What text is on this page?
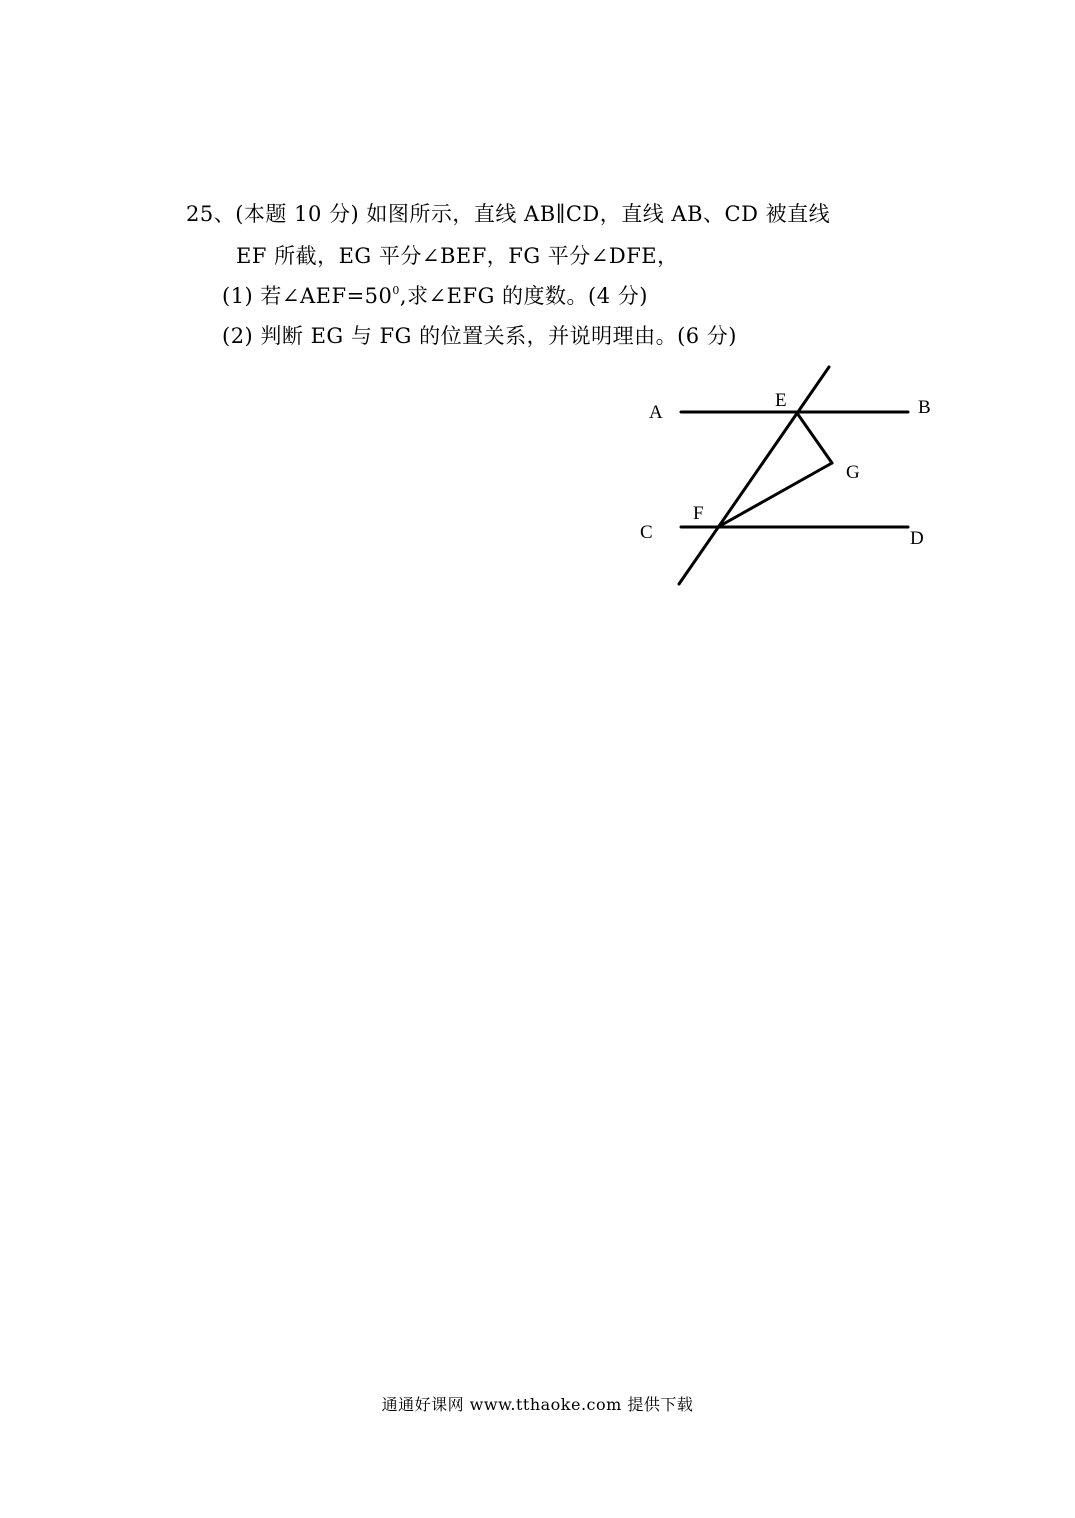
25、(本题 10 分) 如图所示，直线 AB∥CD，直线 AB、CD 被直线
EF 所截，EG 平分∠BEF，FG 平分∠DFE，
(1) 若$\angle AEF=50^0$,求∠EFG 的度数。(4 分)
(2) 判断 EG 与 FG 的位置关系，并说明理由。(6 分)
A	B
E
G
F
C	D
通通好课网 www.tthaoke.com 提供下载
